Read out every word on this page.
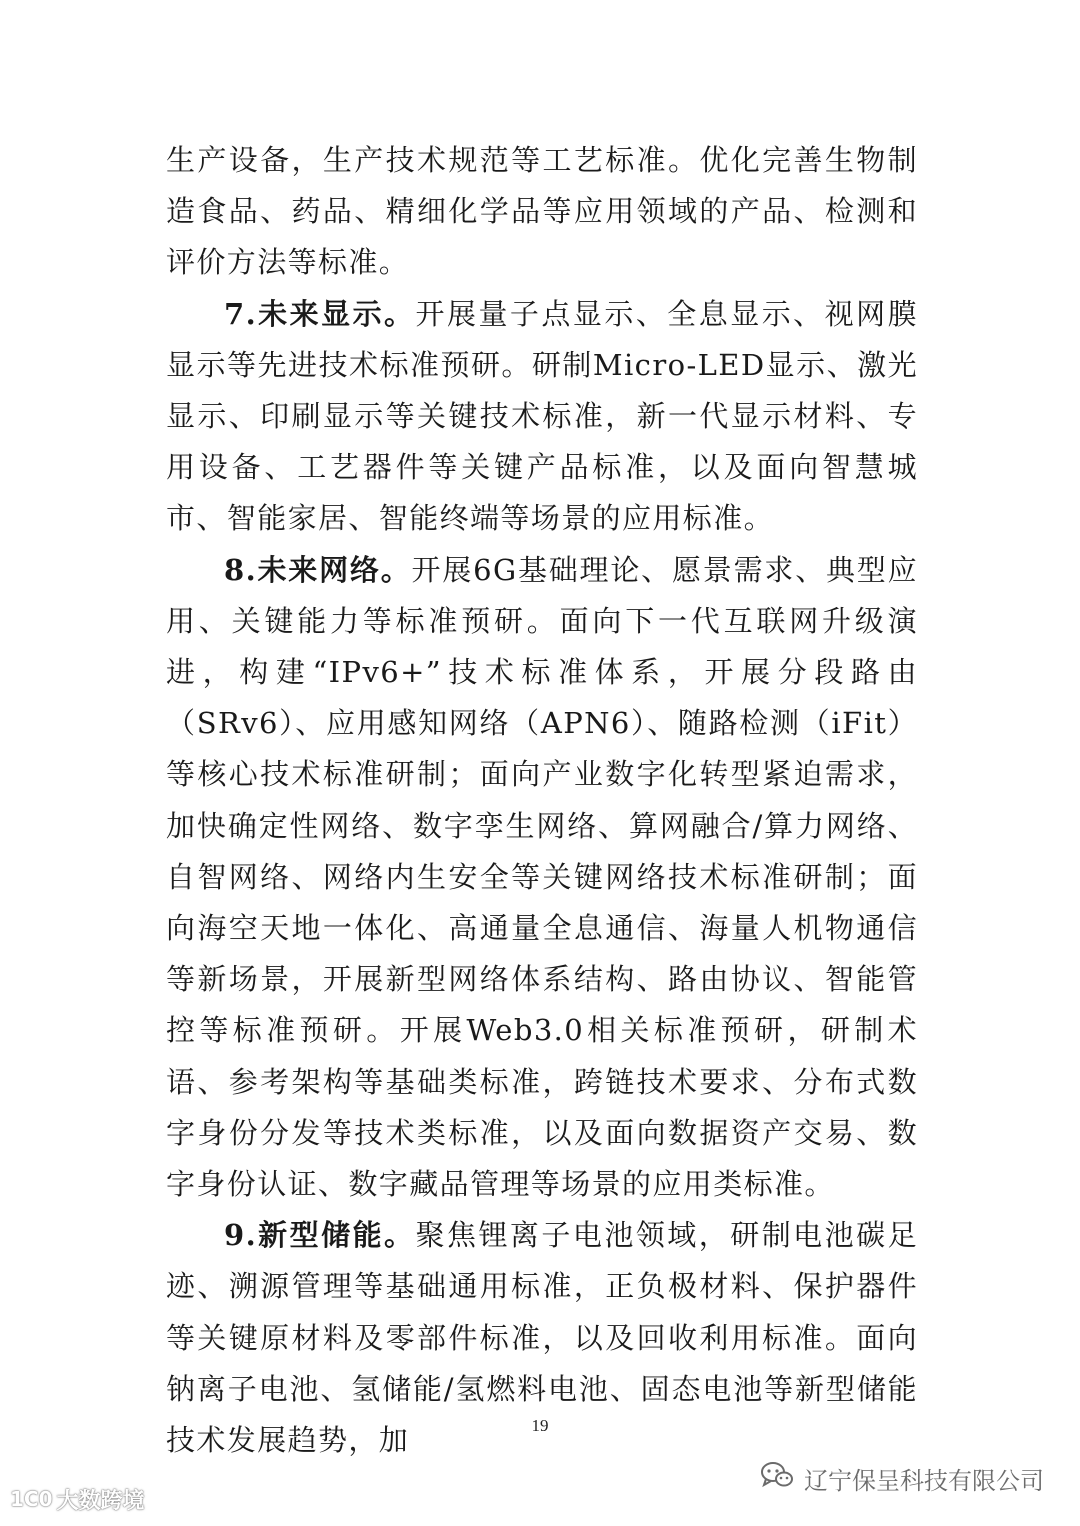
生产设备，生产技术规范等工艺标准。优化完善生物制造食品、药品、精细化学品等应用领域的产品、检测和评价方法等标准。

7.未来显示。开展量子点显示、全息显示、视网膜显示等先进技术标准预研。研制Micro-LED显示、激光显示、印刷显示等关键技术标准，新一代显示材料、专用设备、工艺器件等关键产品标准，以及面向智慧城市、智能家居、智能终端等场景的应用标准。

8.未来网络。开展6G基础理论、愿景需求、典型应用、关键能力等标准预研。面向下一代互联网升级演进，构建“IPv6+”技术标准体系，开展分段路由（SRv6）、应用感知网络（APN6）、随路检测（iFit）等核心技术标准研制；面向产业数字化转型紧迫需求，加快确定性网络、数字孪生网络、算网融合/算力网络、自智网络、网络内生安全等关键网络技术标准研制；面向海空天地一体化、高通量全息通信、海量人机物通信等新场景，开展新型网络体系结构、路由协议、智能管控等标准预研。开展Web3.0相关标准预研，研制术语、参考架构等基础类标准，跨链技术要求、分布式数字身份分发等技术类标准，以及面向数据资产交易、数字身份认证、数字藏品管理等场景的应用类标准。

9.新型储能。聚焦锂离子电池领域，研制电池碳足迹、溯源管理等基础通用标准，正负极材料、保护器件等关键原材料及零部件标准，以及回收利用标准。面向钠离子电池、氢储能/氢燃料电池、固态电池等新型储能技术发展趋势，加	19
辽宁保呈科技有限公司
1C0 大数跨境
